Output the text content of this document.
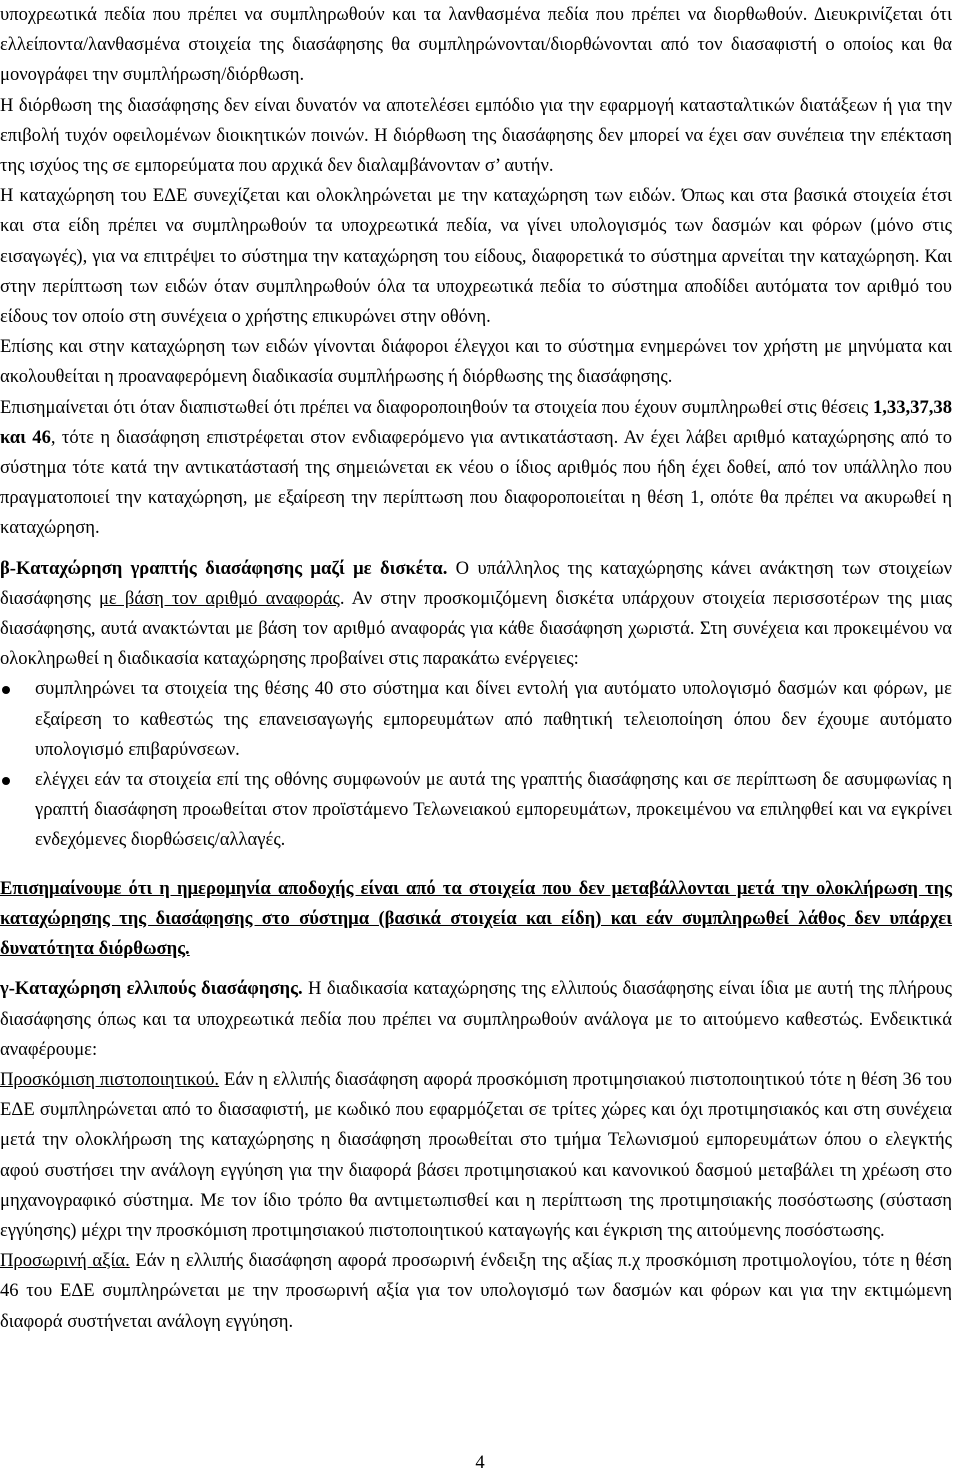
υποχρεωτικά πεδία που πρέπει να συμπληρωθούν και τα λανθασμένα πεδία που πρέπει να διορθωθούν. Διευκρινίζεται ότι ελλείποντα/λανθασμένα στοιχεία της διασάφησης θα συμπληρώνονται/διορθώνονται από τον διασαφιστή ο οποίος και θα μονογράφει την συμπλήρωση/διόρθωση.

Η διόρθωση της διασάφησης δεν είναι δυνατόν να αποτελέσει εμπόδιο για την εφαρμογή κατασταλτικών διατάξεων ή για την επιβολή τυχόν οφειλομένων διοικητικών ποινών. Η διόρθωση της διασάφησης δεν μπορεί να έχει σαν συνέπεια την επέκταση της ισχύος της σε εμπορεύματα που αρχικά δεν διαλαμβάνονταν σ’ αυτήν.

Η καταχώρηση του ΕΔΕ συνεχίζεται και ολοκληρώνεται με την καταχώρηση των ειδών. Όπως και στα βασικά στοιχεία έτσι και στα είδη πρέπει να συμπληρωθούν τα υποχρεωτικά πεδία, να γίνει υπολογισμός των δασμών και φόρων (μόνο στις εισαγωγές), για να επιτρέψει το σύστημα την καταχώρηση του είδους, διαφορετικά το σύστημα αρνείται την καταχώρηση. Και στην περίπτωση των ειδών όταν συμπληρωθούν όλα τα υποχρεωτικά πεδία το σύστημα αποδίδει αυτόματα τον αριθμό του είδους τον οποίο στη συνέχεια ο χρήστης επικυρώνει στην οθόνη.

Επίσης και στην καταχώρηση των ειδών γίνονται διάφοροι έλεγχοι και το σύστημα ενημερώνει τον χρήστη με μηνύματα και ακολουθείται η προαναφερόμενη διαδικασία συμπλήρωσης ή διόρθωσης της διασάφησης.

Επισημαίνεται ότι όταν διαπιστωθεί ότι πρέπει να διαφοροποιηθούν τα στοιχεία που έχουν συμπληρωθεί στις θέσεις 1,33,37,38 και 46, τότε η διασάφηση επιστρέφεται στον ενδιαφερόμενο για αντικατάσταση. Αν έχει λάβει αριθμό καταχώρησης από το σύστημα τότε κατά την αντικατάστασή της σημειώνεται εκ νέου ο ίδιος αριθμός που ήδη έχει δοθεί, από τον υπάλληλο που πραγματοποιεί την καταχώρηση, με εξαίρεση την περίπτωση που διαφοροποιείται η θέση 1, οπότε θα πρέπει να ακυρωθεί η καταχώρηση.

β-Καταχώρηση γραπτής διασάφησης μαζί με δισκέτα. Ο υπάλληλος της καταχώρησης κάνει ανάκτηση των στοιχείων διασάφησης με βάση τον αριθμό αναφοράς. Αν στην προσκομιζόμενη δισκέτα υπάρχουν στοιχεία περισσοτέρων της μιας διασάφησης, αυτά ανακτώνται με βάση τον αριθμό αναφοράς για κάθε διασάφηση χωριστά. Στη συνέχεια και προκειμένου να ολοκληρωθεί η διαδικασία καταχώρησης προβαίνει στις παρακάτω ενέργειες:

συμπληρώνει τα στοιχεία της θέσης 40 στο σύστημα και δίνει εντολή για αυτόματο υπολογισμό δασμών και φόρων, με εξαίρεση το καθεστώς της επανεισαγωγής εμπορευμάτων από παθητική τελειοποίηση όπου δεν έχουμε αυτόματο υπολογισμό επιβαρύνσεων.
ελέγχει εάν τα στοιχεία επί της οθόνης συμφωνούν με αυτά της γραπτής διασάφησης και σε περίπτωση δε ασυμφωνίας η γραπτή διασάφηση προωθείται στον προϊστάμενο Τελωνειακού εμπορευμάτων, προκειμένου να επιληφθεί και να εγκρίνει ενδεχόμενες διορθώσεις/αλλαγές.

Επισημαίνουμε ότι η ημερομηνία αποδοχής είναι από τα στοιχεία που δεν μεταβάλλονται μετά την ολοκλήρωση της καταχώρησης της διασάφησης στο σύστημα (βασικά στοιχεία και είδη) και εάν συμπληρωθεί λάθος δεν υπάρχει δυνατότητα διόρθωσης.

γ-Καταχώρηση ελλιπούς διασάφησης. Η διαδικασία καταχώρησης της ελλιπούς διασάφησης είναι ίδια με αυτή της πλήρους διασάφησης όπως και τα υποχρεωτικά πεδία που πρέπει να συμπληρωθούν ανάλογα με το αιτούμενο καθεστώς. Ενδεικτικά αναφέρουμε:

Προσκόμιση πιστοποιητικού. Εάν η ελλιπής διασάφηση αφορά προσκόμιση προτιμησιακού πιστοποιητικού τότε η θέση 36 του ΕΔΕ συμπληρώνεται από το διασαφιστή, με κωδικό που εφαρμόζεται σε τρίτες χώρες και όχι προτιμησιακός και στη συνέχεια μετά την ολοκλήρωση της καταχώρησης η διασάφηση προωθείται στο τμήμα Τελωνισμού εμπορευμάτων όπου ο ελεγκτής αφού συστήσει την ανάλογη εγγύηση για την διαφορά βάσει προτιμησιακού και κανονικού δασμού μεταβάλει τη χρέωση στο μηχανογραφικό σύστημα. Με τον ίδιο τρόπο θα αντιμετωπισθεί και η περίπτωση της προτιμησιακής ποσόστωσης (σύσταση εγγύησης) μέχρι την προσκόμιση προτιμησιακού πιστοποιητικού καταγωγής και έγκριση της αιτούμενης ποσόστωσης.

Προσωρινή αξία. Εάν η ελλιπής διασάφηση αφορά προσωρινή ένδειξη της αξίας π.χ προσκόμιση προτιμολογίου, τότε η θέση 46 του ΕΔΕ συμπληρώνεται με την προσωρινή αξία για τον υπολογισμό των δασμών και φόρων και για την εκτιμώμενη διαφορά συστήνεται ανάλογη εγγύηση.

4
